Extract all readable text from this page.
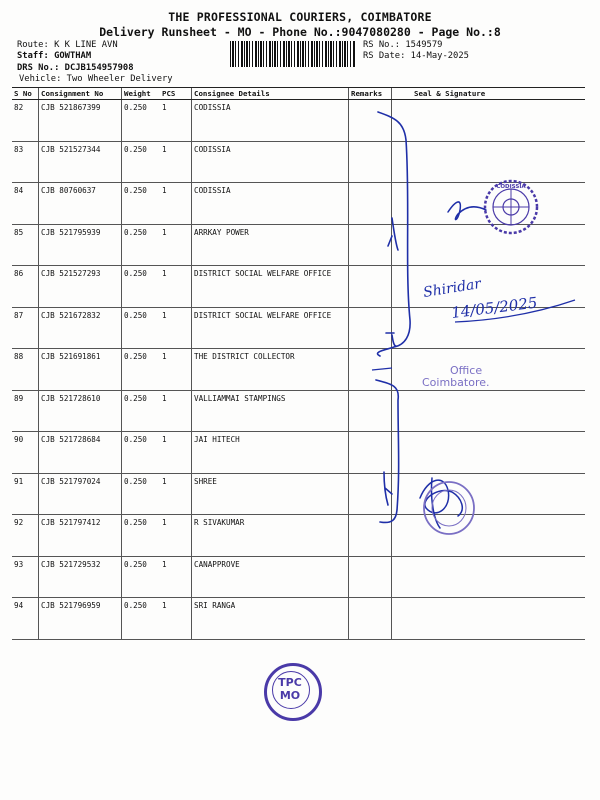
THE PROFESSIONAL COURIERS, COIMBATORE
Delivery Runsheet - MO - Phone No.:9047080280 - Page No.:8
Route: K K LINE AVN
Staff: GOWTHAM
DRS No.: DCJB154957908
Vehicle: Two Wheeler Delivery
RS No.: 1549579
RS Date: 14-May-2025
S No	Consignment No	Weight	PCS	Consignee Details	Remarks	Seal & Signature
82	CJB 521867399	0.250	1	CODISSIA		
83	CJB 521527344	0.250	1	CODISSIA		
84	CJB 80760637	0.250	1	CODISSIA		
85	CJB 521795939	0.250	1	ARRKAY POWER		
86	CJB 521527293	0.250	1	DISTRICT SOCIAL WELFARE OFFICE		
87	CJB 521672832	0.250	1	DISTRICT SOCIAL WELFARE OFFICE		
88	CJB 521691861	0.250	1	THE DISTRICT COLLECTOR		
89	CJB 521728610	0.250	1	VALLIAMMAI STAMPINGS		
90	CJB 521728684	0.250	1	JAI HITECH		
91	CJB 521797024	0.250	1	SHREE		
92	CJB 521797412	0.250	1	R SIVAKUMAR		
93	CJB 521729532	0.250	1	CANAPPROVE		
94	CJB 521796959	0.250	1	SRI RANGA		
Shiridar
14/05/2025
CODISSIA
Office
Coimbatore.
TPC
MO
